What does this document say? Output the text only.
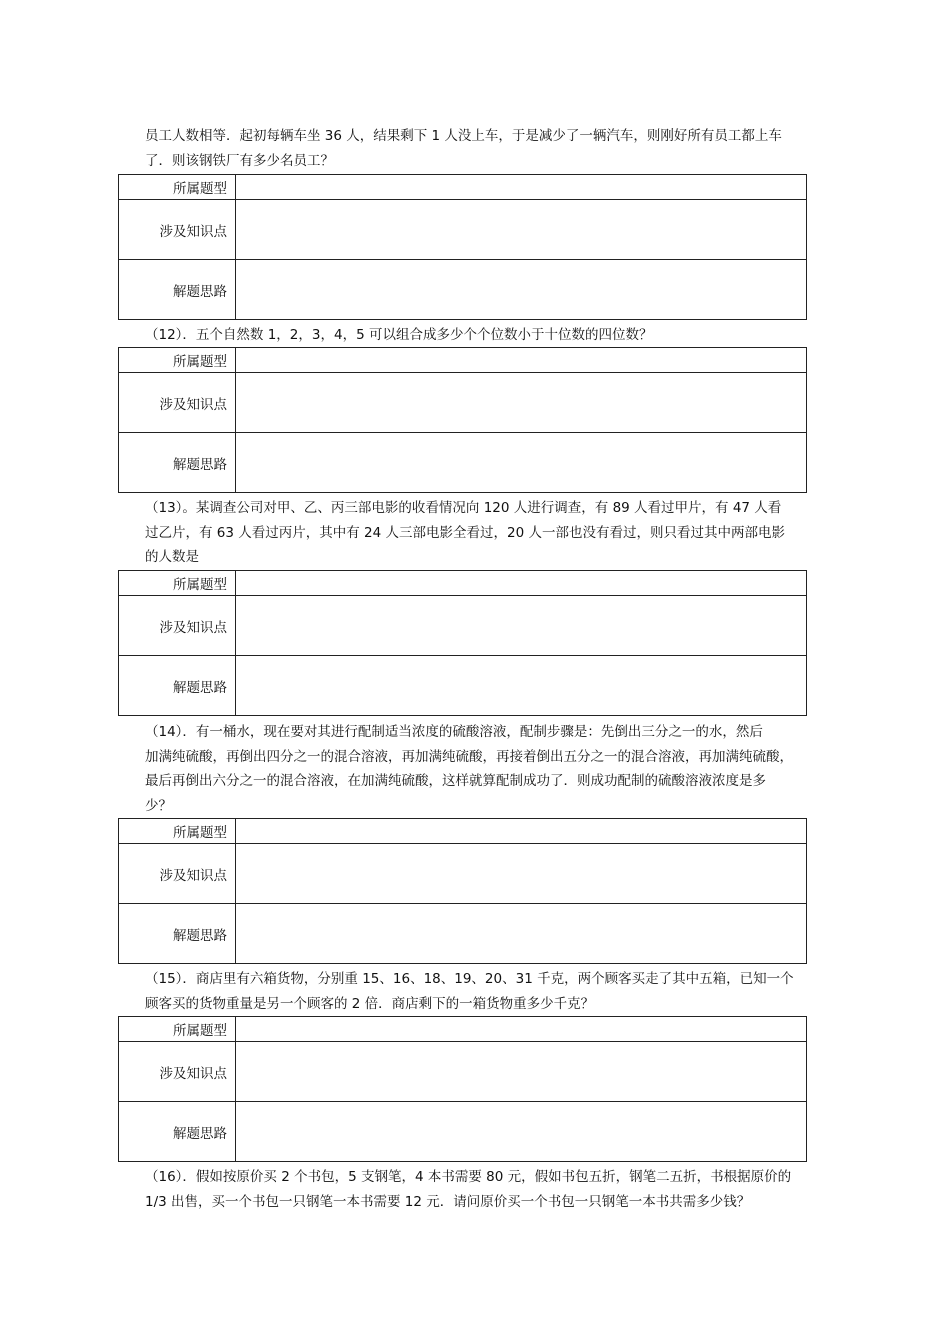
员工人数相等．起初每辆车坐 36 人，结果剩下 1 人没上车，于是减少了一辆汽车，则刚好所有员工都上车
了．则该钢铁厂有多少名员工？
所属题型	
涉及知识点	
解题思路	
（12）．五个自然数 1，2，3，4，5 可以组合成多少个个位数小于十位数的四位数？
所属题型	
涉及知识点	
解题思路	
（13）。某调查公司对甲、乙、丙三部电影的收看情况向 120 人进行调查，有 89 人看过甲片，有 47 人看
过乙片，有 63 人看过丙片，其中有 24 人三部电影全看过，20 人一部也没有看过，则只看过其中两部电影
的人数是
所属题型	
涉及知识点	
解题思路	
（14）．有一桶水，现在要对其进行配制适当浓度的硫酸溶液，配制步骤是：先倒出三分之一的水，然后
加满纯硫酸，再倒出四分之一的混合溶液，再加满纯硫酸，再接着倒出五分之一的混合溶液，再加满纯硫酸，
最后再倒出六分之一的混合溶液，在加满纯硫酸，这样就算配制成功了．则成功配制的硫酸溶液浓度是多
少？
所属题型	
涉及知识点	
解题思路	
（15）．商店里有六箱货物，分别重 15、16、18、19、20、31 千克，两个顾客买走了其中五箱，已知一个
顾客买的货物重量是另一个顾客的 2 倍．商店剩下的一箱货物重多少千克？
所属题型	
涉及知识点	
解题思路	
（16）．假如按原价买 2 个书包，5 支钢笔，4 本书需要 80 元，假如书包五折，钢笔二五折，书根据原价的
1/3 出售，买一个书包一只钢笔一本书需要 12 元．请问原价买一个书包一只钢笔一本书共需多少钱？
